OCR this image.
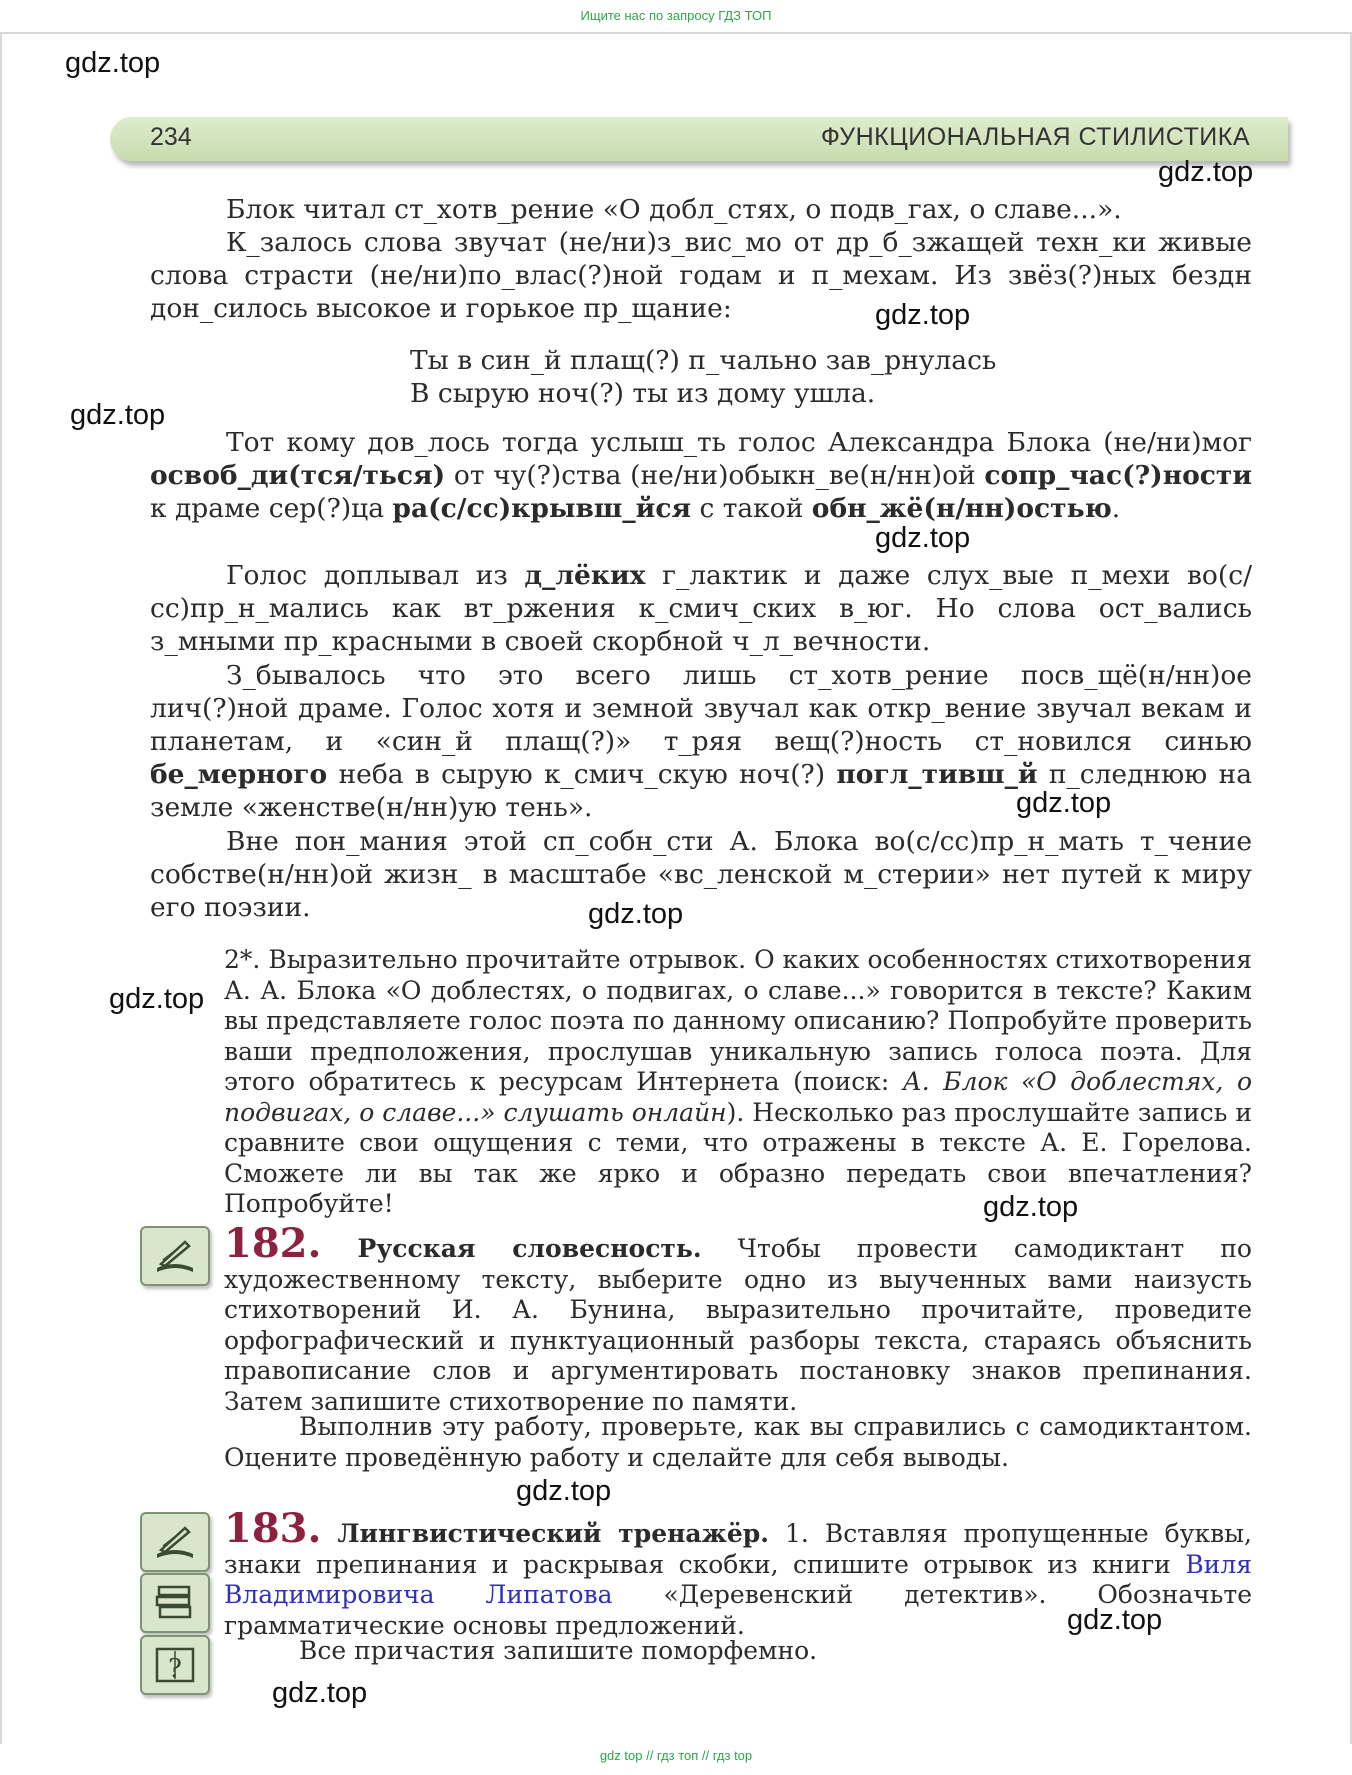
Ищите нас по запросу ГДЗ ТОП
234	ФУНКЦИОНАЛЬНАЯ СТИЛИСТИКА

Блок читал ст_хотв_рение «О добл_стях, о подв_гах, о славе...».

К_залось слова звучат (не/ни)з_вис_мо от др_б_зжащей техн_ки живые слова страсти (не/ни)по_влас(?)ной годам и п_мехам. Из звёз(?)ных бездн дон_силось высокое и горькое пр_щание:

Ты в син_й плащ(?) п_чально зав_рнулась
В сырую ноч(?) ты из дому ушла.

Тот кому дов_лось тогда услыш_ть голос Александра Блока (не/ни)мог освоб_ди(тся/ться) от чу(?)ства (не/ни)обыкн_ве(н/нн)ой сопр_час(?)ности к драме сер(?)ца ра(с/сс)крывш_йся с такой обн_жё(н/нн)остью.

Голос доплывал из д_лёких г_лактик и даже слух_вые п_мехи во(с/сс)пр_н_мались как вт_ржения к_смич_ских в_юг. Но слова ост_вались з_мными пр_красными в своей скорбной ч_л_вечности.

З_бывалось что это всего лишь ст_хотв_рение посв_щё(н/нн)ое лич(?)ной драме. Голос хотя и земной звучал как откр_вение звучал векам и планетам, и «син_й плащ(?)» т_ряя вещ(?)ность ст_новился синью бе_мерного неба в сырую к_смич_скую ноч(?) погл_тивш_й п_следнюю на земле «женстве(н/нн)ую тень».

Вне пон_мания этой сп_собн_сти А. Блока во(с/сс)пр_н_мать т_чение собстве(н/нн)ой жизн_ в масштабе «вс_ленской м_стерии» нет путей к миру его поэзии.

2*. Выразительно прочитайте отрывок. О каких особенностях стихотворения А. А. Блока «О доблестях, о подвигах, о славе...» говорится в тексте? Каким вы представляете голос поэта по данному описанию? Попробуйте проверить ваши предположения, прослушав уникальную запись голоса поэта. Для этого обратитесь к ресурсам Интернета (поиск: А. Блок «О доблестях, о подвигах, о славе...» слушать онлайн). Несколько раз прослушайте запись и сравните свои ощущения с теми, что отражены в тексте А. Е. Горелова. Сможете ли вы так же ярко и образно передать свои впечатления? Попробуйте!

182. Русская словесность. Чтобы провести самодиктант по художественному тексту, выберите одно из выученных вами наизусть стихотворений И. А. Бунина, выразительно прочитайте, проведите орфографический и пунктуационный разборы текста, стараясь объяснить правописание слов и аргументировать постановку знаков препинания. Затем запишите стихотворение по памяти.

Выполнив эту работу, проверьте, как вы справились с самодиктантом. Оцените проведённую работу и сделайте для себя выводы.

?

183. Лингвистический тренажёр. 1. Вставляя пропущенные буквы, знаки препинания и раскрывая скобки, спишите отрывок из книги Виля Владимировича Липатова «Деревенский детектив». Обозначьте грамматические основы предложений.

Все причастия запишите поморфемно.

gdz.top
gdz.top
gdz.top
gdz.top
gdz.top
gdz.top
gdz.top
gdz.top
gdz.top
gdz.top
gdz.top
gdz.top
gdz top // гдз топ // гдз top
